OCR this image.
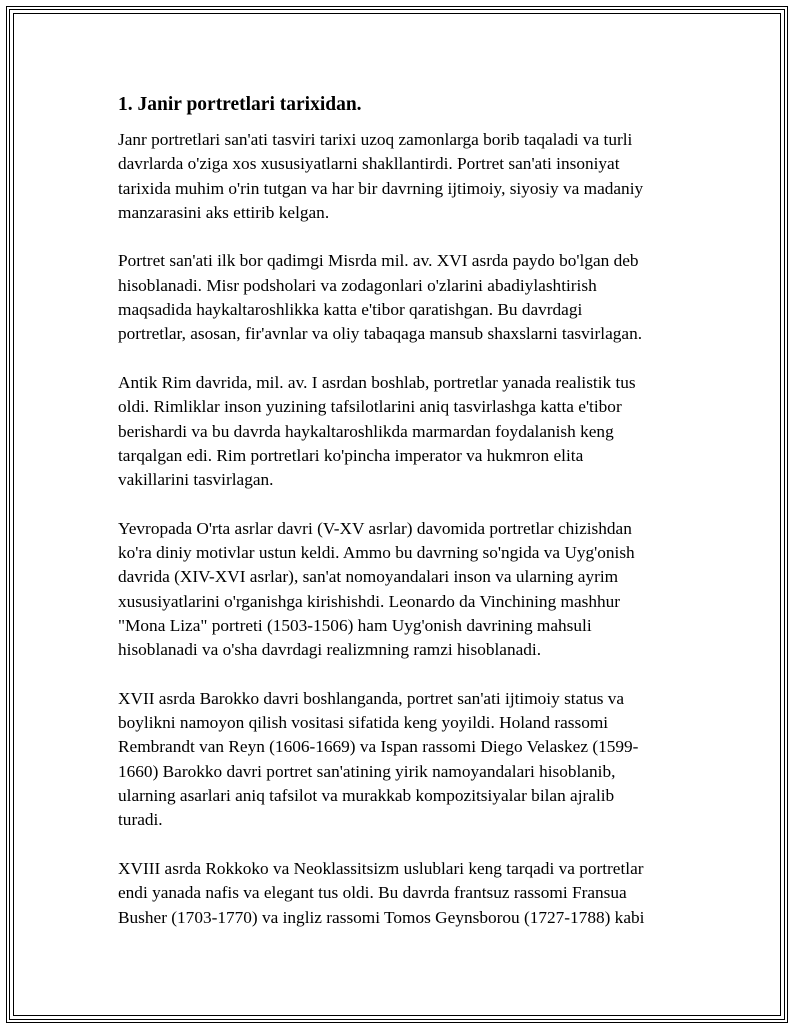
1. Janir portretlari tarixidan.
Janr portretlari san'ati tasviri tarixi uzoq zamonlarga borib taqaladi va turli
davrlarda o'ziga xos xususiyatlarni shakllantirdi. Portret san'ati insoniyat
tarixida muhim o'rin tutgan va har bir davrning ijtimoiy, siyosiy va madaniy
manzarasini aks ettirib kelgan.
Portret san'ati ilk bor qadimgi Misrda mil. av. XVI asrda paydo bo'lgan deb
hisoblanadi. Misr podsholari va zodagonlari o'zlarini abadiylashtirish
maqsadida haykaltaroshlikka katta e'tibor qaratishgan. Bu davrdagi
portretlar, asosan, fir'avnlar va oliy tabaqaga mansub shaxslarni tasvirlagan.
Antik Rim davrida, mil. av. I asrdan boshlab, portretlar yanada realistik tus
oldi. Rimliklar inson yuzining tafsilotlarini aniq tasvirlashga katta e'tibor
berishardi va bu davrda haykaltaroshlikda marmardan foydalanish keng
tarqalgan edi. Rim portretlari ko'pincha imperator va hukmron elita
vakillarini tasvirlagan.
Yevropada O'rta asrlar davri (V-XV asrlar) davomida portretlar chizishdan
ko'ra diniy motivlar ustun keldi. Ammo bu davrning so'ngida va Uyg'onish
davrida (XIV-XVI asrlar), san'at nomoyandalari inson va ularning ayrim
xususiyatlarini o'rganishga kirishishdi. Leonardo da Vinchining mashhur
"Mona Liza" portreti (1503-1506) ham Uyg'onish davrining mahsuli
hisoblanadi va o'sha davrdagi realizmning ramzi hisoblanadi.
XVII asrda Barokko davri boshlanganda, portret san'ati ijtimoiy status va
boylikni namoyon qilish vositasi sifatida keng yoyildi. Holand rassomi
Rembrandt van Reyn (1606-1669) va Ispan rassomi Diego Velaskez (1599-
1660) Barokko davri portret san'atining yirik namoyandalari hisoblanib,
ularning asarlari aniq tafsilot va murakkab kompozitsiyalar bilan ajralib
turadi.
XVIII asrda Rokkoko va Neoklassitsizm uslublari keng tarqadi va portretlar
endi yanada nafis va elegant tus oldi. Bu davrda frantsuz rassomi Fransua
Busher (1703-1770) va ingliz rassomi Tomos Geynsborou (1727-1788) kabi
